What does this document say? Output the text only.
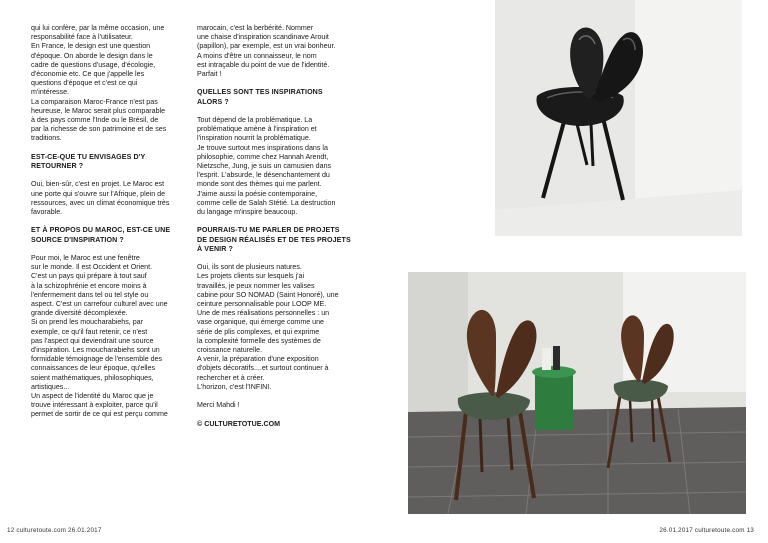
qui lui confère, par la même occasion, une
responsabilité face à l'utilisateur.
En France, le design est une question
d'époque. On aborde le design dans le
cadre de questions d'usage, d'écologie,
d'économie etc. Ce que j'appelle les
questions d'époque et c'est ce qui
m'intéresse.
La comparaison Maroc-France n'est pas
heureuse, le Maroc serait plus comparable
à des pays comme l'Inde ou le Brésil, de
par la richesse de son patrimoine et de ses
traditions.

EST-CE-QUE TU ENVISAGES D'Y
RETOURNER ?

Oui, bien-sûr, c'est en projet. Le Maroc est
une porte qui s'ouvre sur l'Afrique, plein de
ressources, avec un climat économique très
favorable.

ET À PROPOS DU MAROC, EST-CE UNE
SOURCE D'INSPIRATION ?

Pour moi, le Maroc est une fenêtre
sur le monde. Il est Occident et Orient.
C'est un pays qui prépare à tout sauf
à la schizophrénie et encore moins à
l'enfermement dans tel ou tel style ou
aspect. C'est un carrefour culturel avec une
grande diversité décomplexée.
Si on prend les moucharabiehs, par
exemple, ce qu'il faut retenir, ce n'est
pas l'aspect qui deviendrait une source
d'inspiration. Les moucharabiehs sont un
formidable témoignage de l'ensemble des
connaissances de leur époque, qu'elles
soient mathématiques, philosophiques,
artistiques...
Un aspect de l'identité du Maroc que je
trouve intéressant à exploiter, parce qu'il
permet de sortir de ce qui est perçu comme

marocain, c'est la berbérité. Nommer
une chaise d'inspiration scandinave Arouit
(papillon), par exemple, est un vrai bonheur.
A moins d'être un connaisseur, le nom
est intraçable du point de vue de l'identité.
Parfait !

QUELLES SONT TES INSPIRATIONS
ALORS ?

Tout dépend de la problématique. La
problématique amène à l'inspiration et
l'inspiration nourrit la problématique.
Je trouve surtout mes inspirations dans la
philosophie, comme chez Hannah Arendt,
Nietzsche, Jung, je suis un camusien dans
l'esprit. L'absurde, le désenchantement du
monde sont des thèmes qui me parlent.
J'aime aussi la poésie contemporaine,
comme celle de Salah Stétié. La destruction
du langage m'inspire beaucoup.

POURRAIS-TU ME PARLER DE PROJETS
DE DESIGN RÉALISÉS ET DE TES PROJETS
À VENIR ?

Oui, ils sont de plusieurs natures.
Les projets clients sur lesquels j'ai
travaillés, je peux nommer les valises
cabine pour SO NOMAD (Saint Honoré), une
ceinture personnalisable pour LOOP ME.
Une de mes réalisations personnelles : un
vase organique, qui émerge comme une
série de plis complexes, et qui exprime
la complexité formelle des systèmes de
croissance naturelle.
A venir, la préparation d'une exposition
d'objets décoratifs....et surtout continuer à
rechercher et à créer.
L'horizon, c'est l'INFINI.

Merci Mahdi !

© CULTURETOTUE.COM

12 culturetoute.com 26.01.2017	26.01.2017 culturetoute.com 13
